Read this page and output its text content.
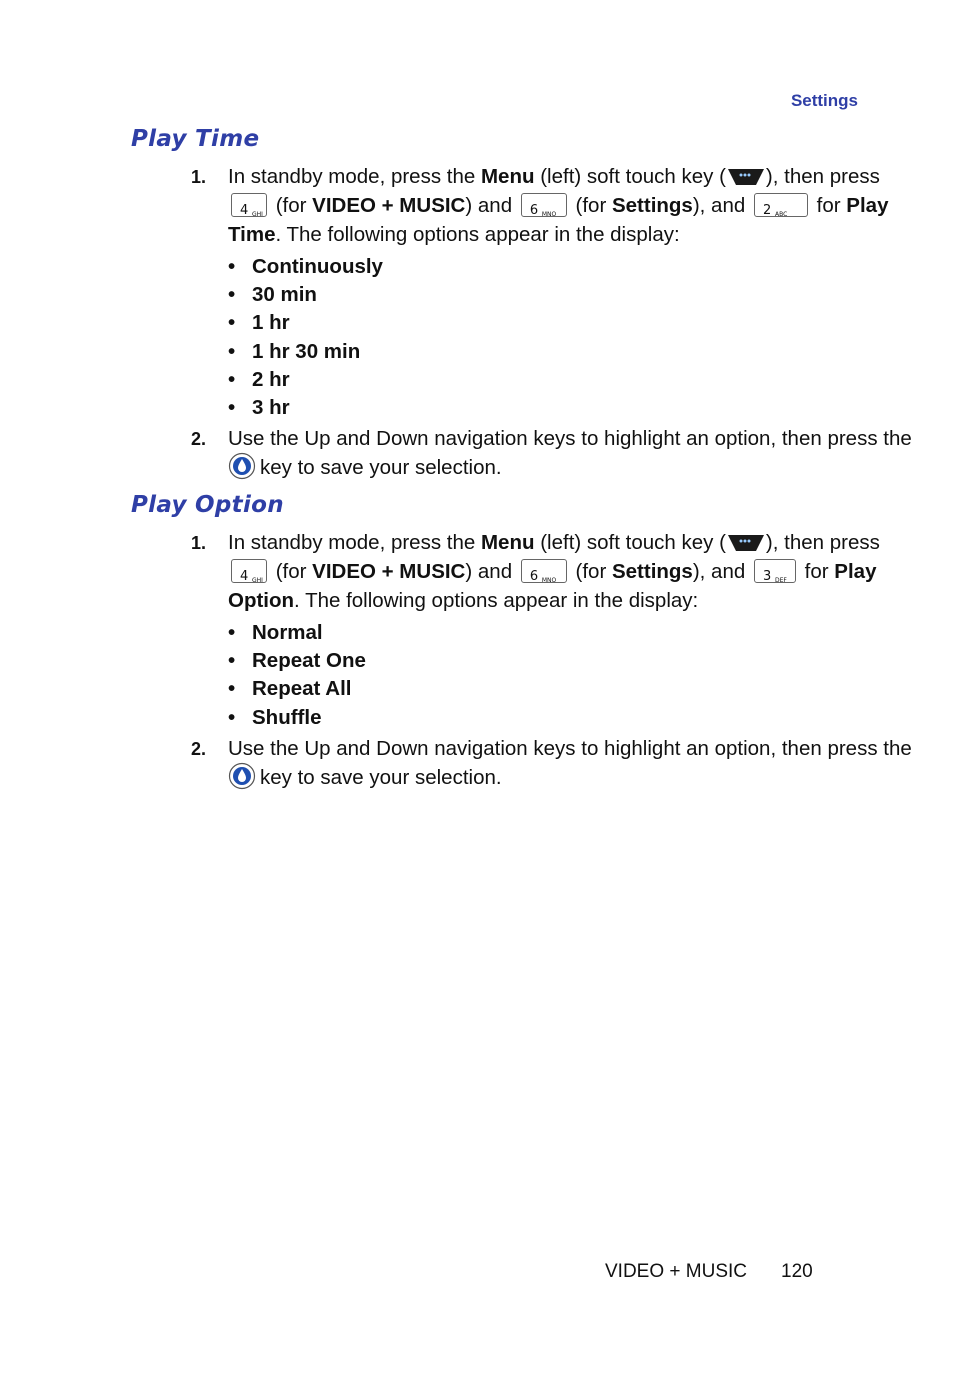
Settings
Play Time
1. In standby mode, press the Menu (left) soft touch key ( ), then press
4 GHI (for VIDEO + MUSIC) and 6 MNO (for Settings), and 2 ABC for Play
Time. The following options appear in the display:
• Continuously
• 30 min
• 1 hr
• 1 hr 30 min
• 2 hr
• 3 hr
2. Use the Up and Down navigation keys to highlight an option, then press the
key to save your selection.
Play Option
1. In standby mode, press the Menu (left) soft touch key ( ), then press
4 GHI (for VIDEO + MUSIC) and 6 MNO (for Settings), and 3 DEF for Play
Option. The following options appear in the display:
• Normal
• Repeat One
• Repeat All
• Shuffle
2. Use the Up and Down navigation keys to highlight an option, then press the
key to save your selection.
VIDEO + MUSIC 120
